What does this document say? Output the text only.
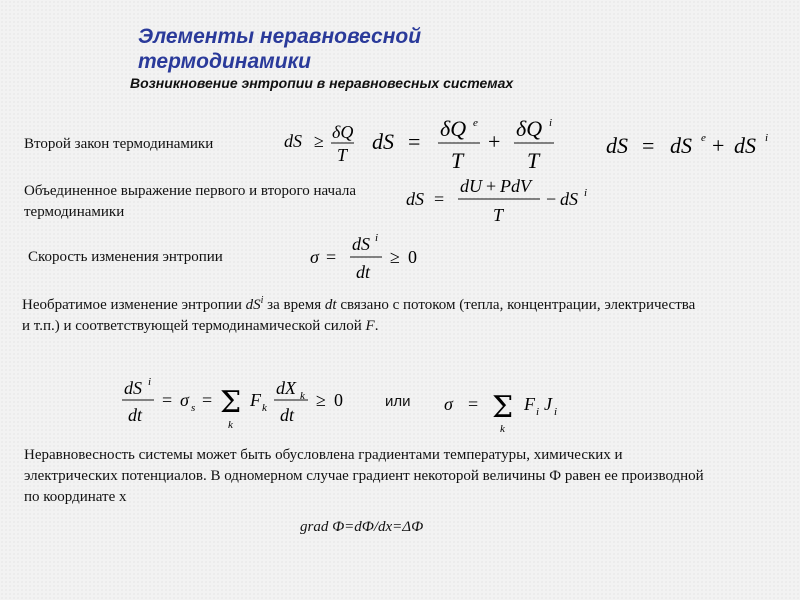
Элементы неравновесной термодинамики
Возникновение энтропии в неравновесных системах
Второй закон термодинамики	dS ≥ δQ
T
dS =
δQ e
T
+
δQ i
T
dS = dS e + dS i
Объединенное выражение первого и второго начала термодинамики
dS =
dU + PdV
T
− dS i
Скорость изменения энтропии	σ =
dS i
dt
≥ 0
Необратимое изменение энтропии $dS^i$ за время dt связано с потоком (тепла, концентрации, электричества и т.п.) и соответствующей термодинамической силой F.
dS i
dt
= σ s = Σ
k
F k
dX k
dt
≥ 0	или σ = Σ
k
F i J i
Неравновесность системы может быть обусловлена градиентами температуры, химических и электрических потенциалов. В одномерном случае градиент некоторой величины Ф равен ее производной по координате x
grad Ф=dФ/dx=ΔФ
